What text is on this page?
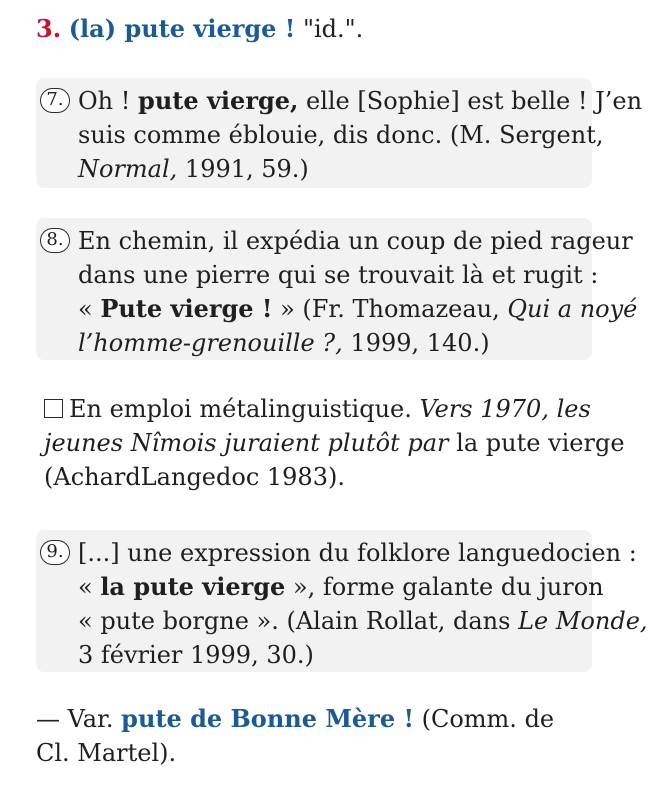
3. (la) pute vierge ! "id.".
7. Oh ! pute vierge, elle [Sophie] est belle ! J’en
suis comme éblouie, dis donc. (M. Sergent,
Normal, 1991, 59.)
8. En chemin, il expédia un coup de pied rageur
dans une pierre qui se trouvait là et rugit :
« Pute vierge ! » (Fr. Thomazeau, Qui a noyé
l’homme-grenouille ?, 1999, 140.)
En emploi métalinguistique. Vers 1970, les
jeunes Nîmois juraient plutôt par la pute vierge
(AchardLangedoc 1983).
9. [...] une expression du folklore languedocien :
« la pute vierge », forme galante du juron
« pute borgne ». (Alain Rollat, dans Le Monde,
3 février 1999, 30.)
— Var. pute de Bonne Mère ! (Comm. de
Cl. Martel).
